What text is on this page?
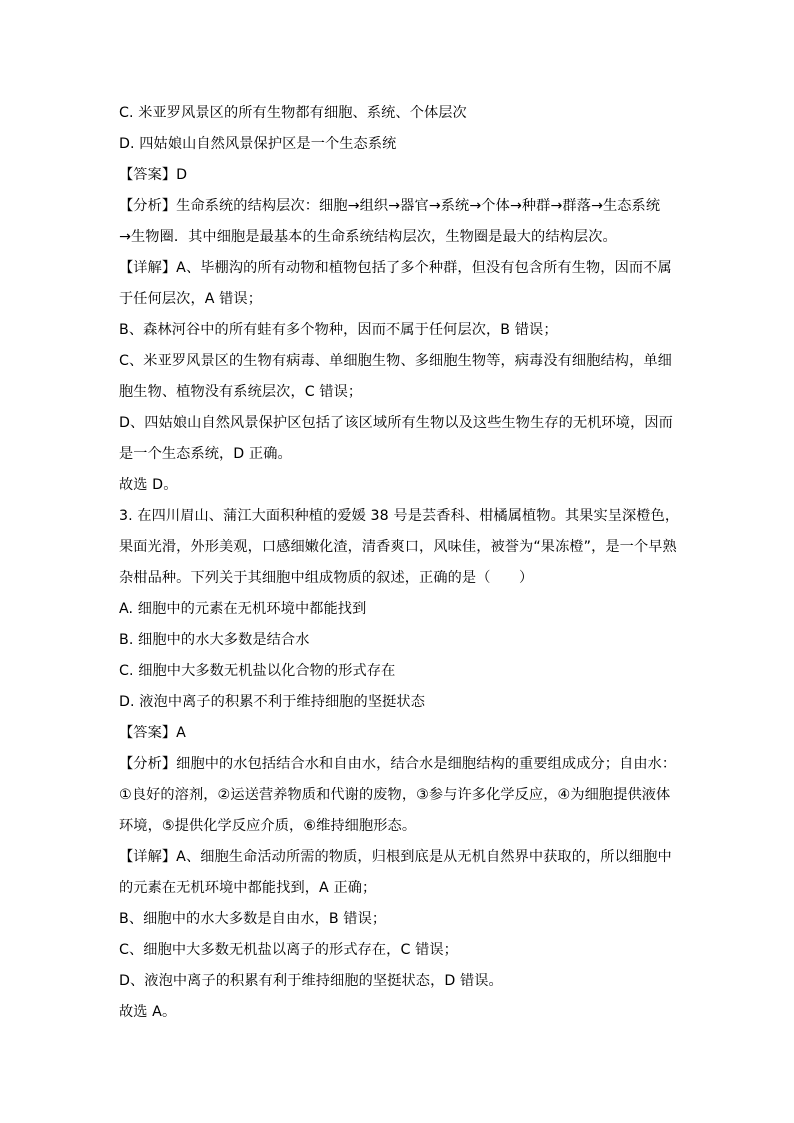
C. 米亚罗风景区的所有生物都有细胞、系统、个体层次
D. 四姑娘山自然风景保护区是一个生态系统
【答案】D
【分析】生命系统的结构层次：细胞→组织→器官→系统→个体→种群→群落→生态系统
→生物圈．其中细胞是最基本的生命系统结构层次，生物圈是最大的结构层次。
【详解】A、毕棚沟的所有动物和植物包括了多个种群，但没有包含所有生物，因而不属
于任何层次，A 错误；
B、森林河谷中的所有蛙有多个物种，因而不属于任何层次，B 错误；
C、米亚罗风景区的生物有病毒、单细胞生物、多细胞生物等，病毒没有细胞结构，单细
胞生物、植物没有系统层次，C 错误；
D、四姑娘山自然风景保护区包括了该区域所有生物以及这些生物生存的无机环境，因而
是一个生态系统，D 正确。
故选 D。
3. 在四川眉山、蒲江大面积种植的爱媛 38 号是芸香科、柑橘属植物。其果实呈深橙色，
果面光滑，外形美观，口感细嫩化渣，清香爽口，风味佳，被誉为“果冻橙”，是一个早熟
杂柑品种。下列关于其细胞中组成物质的叙述，正确的是（　　）
A. 细胞中的元素在无机环境中都能找到
B. 细胞中的水大多数是结合水
C. 细胞中大多数无机盐以化合物的形式存在
D. 液泡中离子的积累不利于维持细胞的坚挺状态
【答案】A
【分析】细胞中的水包括结合水和自由水，结合水是细胞结构的重要组成成分；自由水：
①良好的溶剂，②运送营养物质和代谢的废物，③参与许多化学反应，④为细胞提供液体
环境，⑤提供化学反应介质，⑥维持细胞形态。
【详解】A、细胞生命活动所需的物质，归根到底是从无机自然界中获取的，所以细胞中
的元素在无机环境中都能找到，A 正确；
B、细胞中的水大多数是自由水，B 错误；
C、细胞中大多数无机盐以离子的形式存在，C 错误；
D、液泡中离子的积累有利于维持细胞的坚挺状态，D 错误。
故选 A。
